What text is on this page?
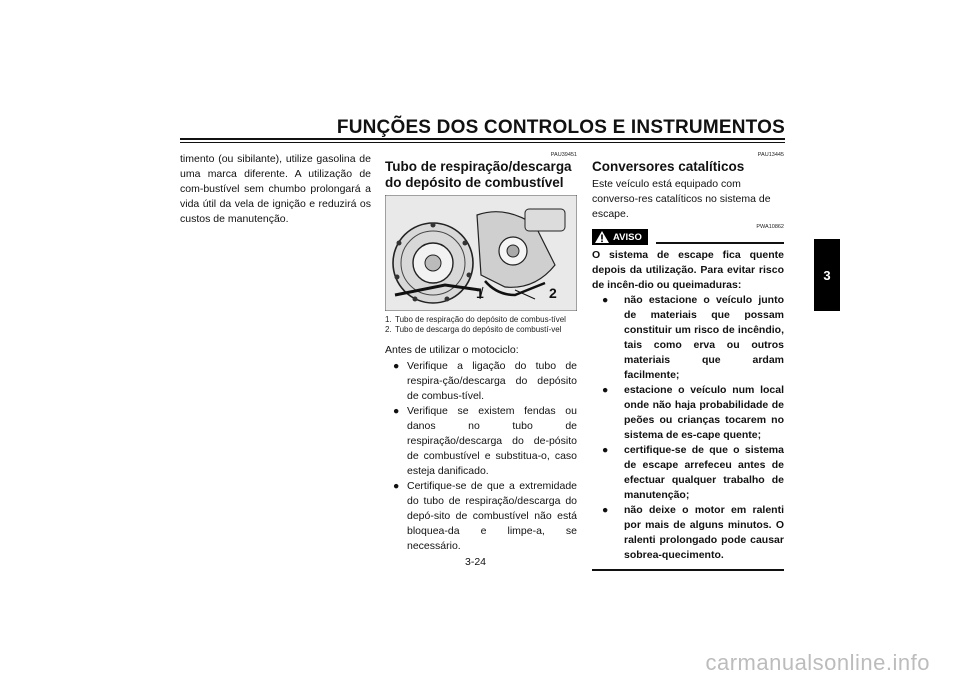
FUNÇÕES DOS CONTROLOS E INSTRUMENTOS
3
timento (ou sibilante), utilize gasolina de uma marca diferente. A utilização de com-bustível sem chumbo prolongará a vida útil da vela de ignição e reduzirá os custos de manutenção.
PAU39451
Tubo de respiração/descarga do depósito de combustível
1	2
1. Tubo de respiração do depósito de combus-tível
2. Tubo de descarga do depósito de combustí-vel
Antes de utilizar o motociclo:
● Verifique a ligação do tubo de respira-ção/descarga do depósito de combus-tível.
● Verifique se existem fendas ou danos no tubo de respiração/descarga do de-pósito de combustível e substitua-o, caso esteja danificado.
● Certifique-se de que a extremidade do tubo de respiração/descarga do depó-sito de combustível não está bloquea-da e limpe-a, se necessário.
PAU13445
Conversores catalíticos
Este veículo está equipado com converso-res catalíticos no sistema de escape.
PWA10862
AVISO
O sistema de escape fica quente depois da utilização. Para evitar risco de incên-dio ou queimaduras:
●	não estacione o veículo junto de materiais que possam constituir um risco de incêndio, tais como erva ou outros materiais que ardam facilmente;
●	estacione o veículo num local onde não haja probabilidade de peões ou crianças tocarem no sistema de es-cape quente;
●	certifique-se de que o sistema de escape arrefeceu antes de efectuar qualquer trabalho de manutenção;
●	não deixe o motor em ralenti por mais de alguns minutos. O ralenti prolongado pode causar sobrea-quecimento.
3-24
carmanualsonline.info
